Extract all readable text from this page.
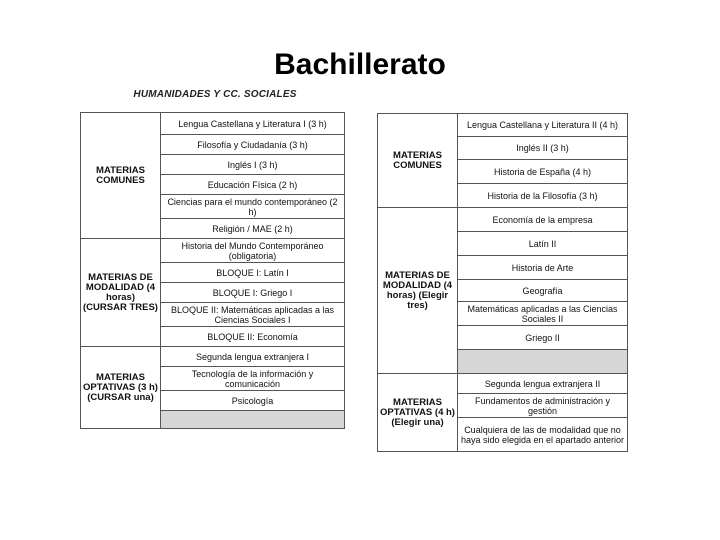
Bachillerato
HUMANIDADES Y CC. SOCIALES
MATERIAS COMUNES	Lengua Castellana y Literatura I (3 h)
	Filosofía y Ciudadanía (3 h)
	Inglés I (3 h)
	Educación Física (2 h)
	Ciencias para el mundo contemporáneo (2 h)
	Religión / MAE (2 h)
MATERIAS DE MODALIDAD (4 horas) (CURSAR TRES)	Historia del Mundo Contemporáneo (obligatoria)
	BLOQUE I: Latín I
	BLOQUE I: Griego I
	BLOQUE II: Matemáticas aplicadas a las Ciencias Sociales I
	BLOQUE II: Economía
MATERIAS OPTATIVAS (3 h) (CURSAR una)	Segunda lengua extranjera I
	Tecnología de la información y comunicación
	Psicología

MATERIAS COMUNES	Lengua Castellana y Literatura II (4 h)
	Inglés II (3 h)
	Historia de España (4 h)
	Historia de la Filosofía (3 h)
MATERIAS DE MODALIDAD (4 horas) (Elegir tres)	Economía de la empresa
	Latín II
	Historia de Arte
	Geografía
	Matemáticas aplicadas a las Ciencias Sociales II
	Griego II

MATERIAS OPTATIVAS (4 h) (Elegir una)	Segunda lengua extranjera II
	Fundamentos de administración y gestión
	Cualquiera de las de modalidad que no haya sido elegida en el apartado anterior
